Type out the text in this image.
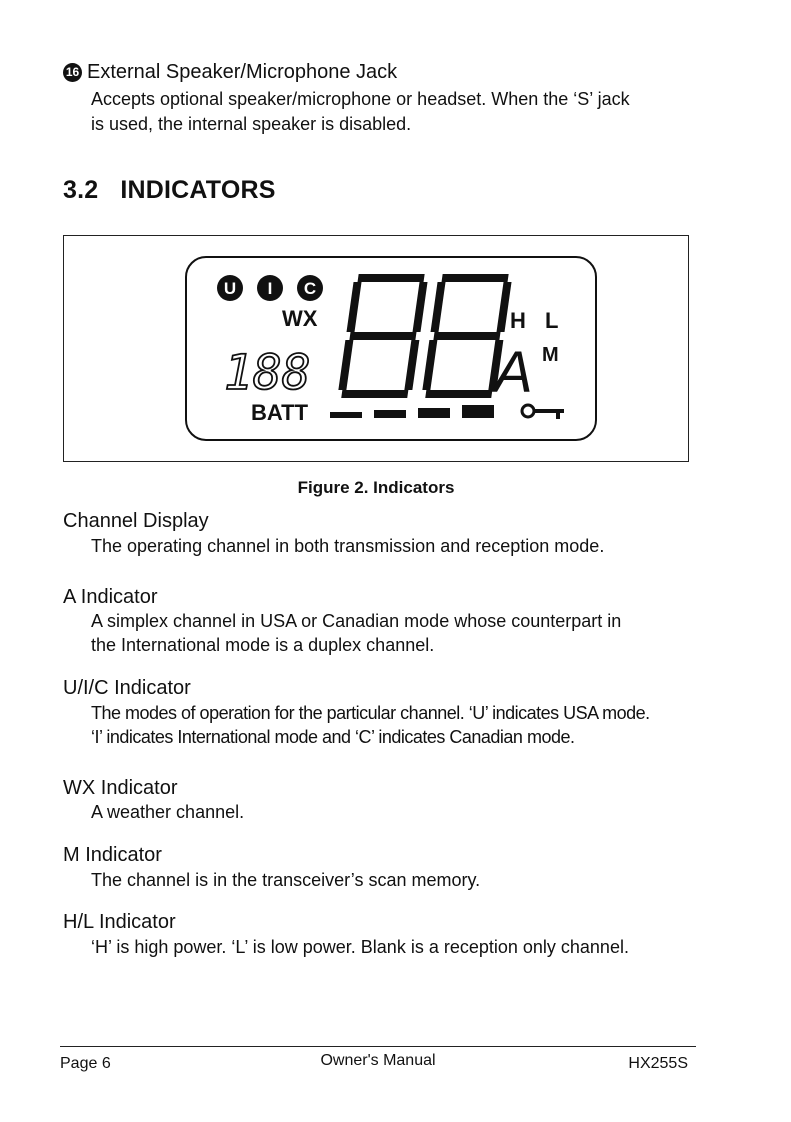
16 External Speaker/Microphone Jack
Accepts optional speaker/microphone or headset. When the ‘S’ jack
is used, the internal speaker is disabled.
3.2 INDICATORS
U I C
WX
188	A
H L
M
BATT
Figure 2. Indicators
Channel Display
The operating channel in both transmission and reception mode.
A Indicator
A simplex channel in USA or Canadian mode whose counterpart in
the International mode is a duplex channel.
U/I/C Indicator
The modes of operation for the particular channel. ‘U’ indicates USA mode.
‘I’ indicates International mode and ‘C’ indicates Canadian mode.
WX Indicator
A weather channel.
M Indicator
The channel is in the transceiver’s scan memory.
H/L Indicator
‘H’ is high power. ‘L’ is low power. Blank is a reception only channel.
Page 6	Owner's Manual	HX255S
